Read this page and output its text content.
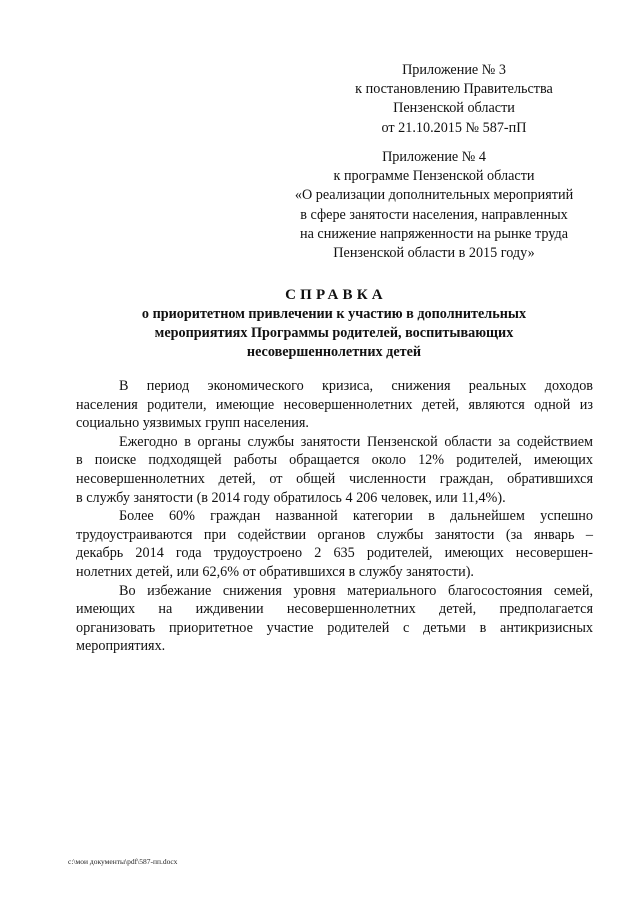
Приложение № 3
к постановлению Правительства
Пензенской области
от 21.10.2015 № 587-пП
Приложение № 4
к программе Пензенской области
«О реализации дополнительных мероприятий
в сфере занятости населения, направленных
на снижение напряженности на рынке труда
Пензенской области в 2015 году»
СПРАВКА
о приоритетном привлечении к участию в дополнительных
мероприятиях Программы родителей, воспитывающих
несовершеннолетних детей
В период экономического кризиса, снижения реальных доходов
населения родители, имеющие несовершеннолетних детей, являются одной из
социально уязвимых групп населения.
Ежегодно в органы службы занятости Пензенской области за содействием
в поиске подходящей работы обращается около 12% родителей, имеющих
несовершеннолетних детей, от общей численности граждан, обратившихся
в службу занятости (в 2014 году обратилось 4 206 человек, или 11,4%).
Более 60% граждан названной категории в дальнейшем успешно
трудоустраиваются при содействии органов службы занятости (за январь –
декабрь 2014 года трудоустроено 2 635 родителей, имеющих несовершен-
нолетних детей, или 62,6% от обратившихся в службу занятости).
Во избежание снижения уровня материального благосостояния семей,
имеющих на иждивении несовершеннолетних детей, предполагается
организовать приоритетное участие родителей с детьми в антикризисных
мероприятиях.
c:\мои документы\pdf\587-пп.docx
